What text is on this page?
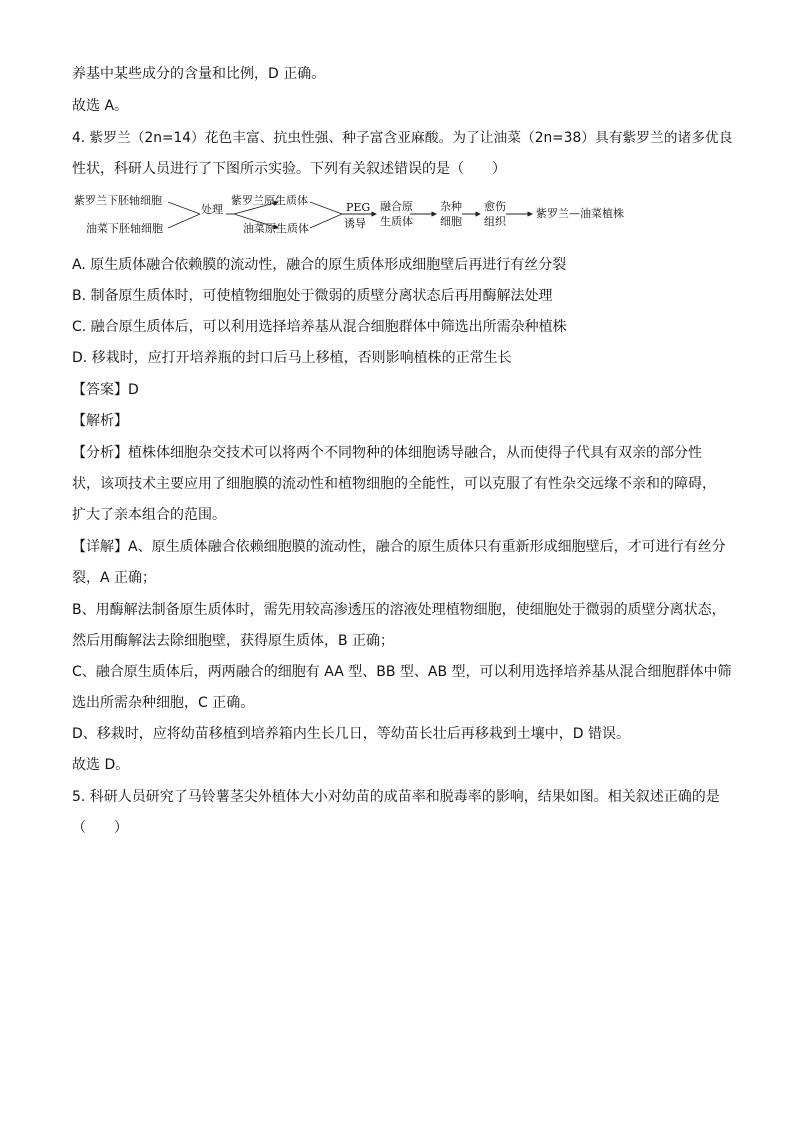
养基中某些成分的含量和比例，D 正确。
故选 A。
4. 紫罗兰（2n=14）花色丰富、抗虫性强、种子富含亚麻酸。为了让油菜（2n=38）具有紫罗兰的诸多优良
性状，科研人员进行了下图所示实验。下列有关叙述错误的是（　　）
紫罗兰下胚轴细胞
油菜下胚轴细胞
处理
紫罗兰原生质体
油菜原生质体
PEG
诱导
融合原
生质体
杂种
细胞
愈伤
组织
紫罗兰—油菜植株
A. 原生质体融合依赖膜的流动性，融合的原生质体形成细胞壁后再进行有丝分裂
B. 制备原生质体时，可使植物细胞处于微弱的质壁分离状态后再用酶解法处理
C. 融合原生质体后，可以利用选择培养基从混合细胞群体中筛选出所需杂种植株
D. 移栽时，应打开培养瓶的封口后马上移植，否则影响植株的正常生长
【答案】D
【解析】
【分析】植株体细胞杂交技术可以将两个不同物种的体细胞诱导融合，从而使得子代具有双亲的部分性
状，该项技术主要应用了细胞膜的流动性和植物细胞的全能性，可以克服了有性杂交远缘不亲和的障碍，
扩大了亲本组合的范围。
【详解】A、原生质体融合依赖细胞膜的流动性，融合的原生质体只有重新形成细胞壁后，才可进行有丝分
裂，A 正确；
B、用酶解法制备原生质体时，需先用较高渗透压的溶液处理植物细胞，使细胞处于微弱的质壁分离状态，
然后用酶解法去除细胞壁，获得原生质体，B 正确；
C、融合原生质体后，两两融合的细胞有 AA 型、BB 型、AB 型，可以利用选择培养基从混合细胞群体中筛
选出所需杂种细胞，C 正确。
D、移栽时，应将幼苗移植到培养箱内生长几日，等幼苗长壮后再移栽到土壤中，D 错误。
故选 D。
5. 科研人员研究了马铃薯茎尖外植体大小对幼苗的成苗率和脱毒率的影响，结果如图。相关叙述正确的是
（　　）
